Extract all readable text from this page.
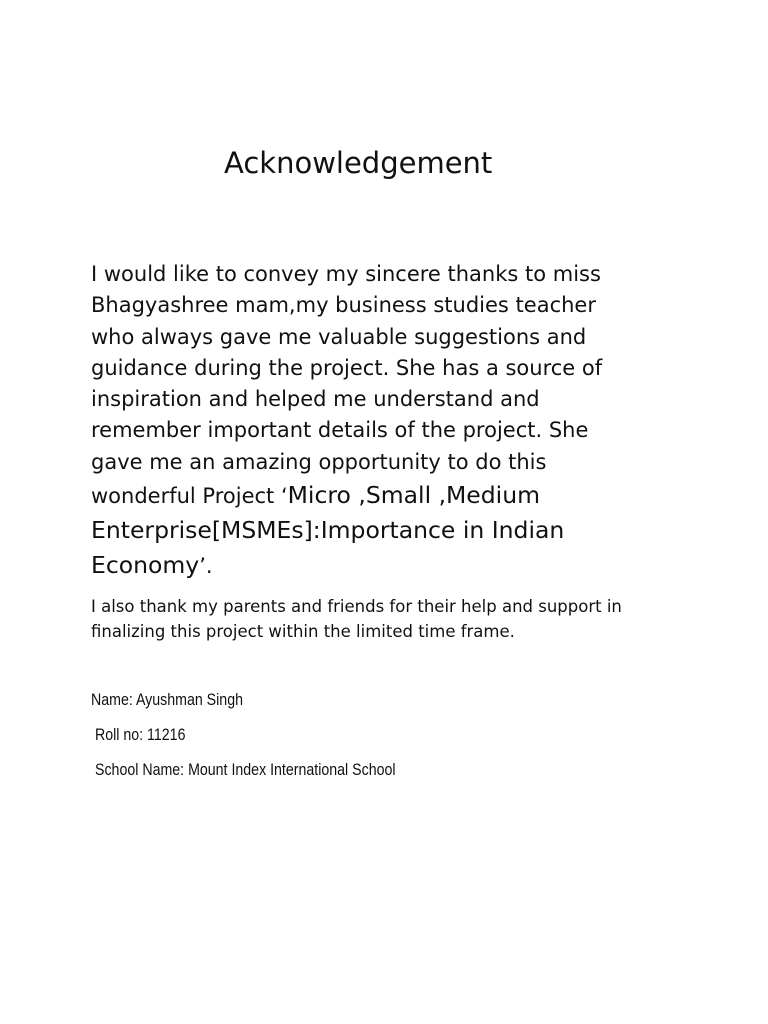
Acknowledgement

I would like to convey my sincere thanks to miss
Bhagyashree mam,my business studies teacher
who always gave me valuable suggestions and
guidance during the project. She has a source of
inspiration and helped me understand and
remember important details of the project. She
gave me an amazing opportunity to do this
wonderful Project ‘Micro ,Small ,Medium
Enterprise[MSMEs]:Importance in Indian
Economy’.

I also thank my parents and friends for their help and support in
finalizing this project within the limited time frame.

Name: Ayushman Singh

Roll no: 11216

School Name: Mount Index International School
